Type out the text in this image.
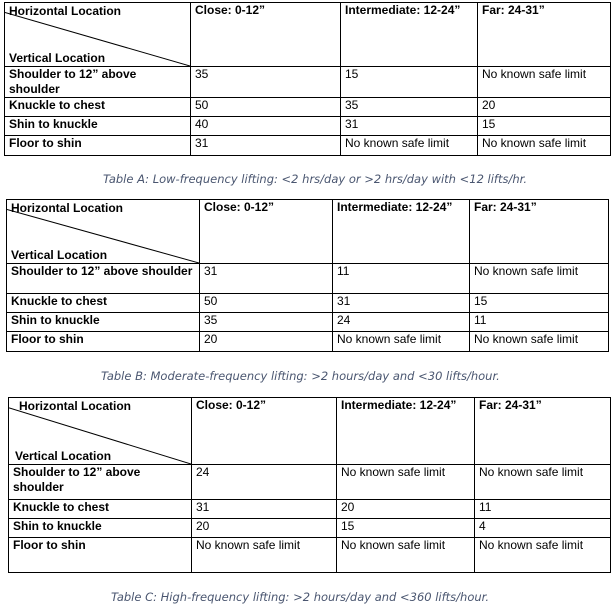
Horizontal Location
Vertical Location	Close: 0-12”	Intermediate: 12-24”	Far: 24-31”
Shoulder to 12” above shoulder	35	15	No known safe limit
Knuckle to chest	50	35	20
Shin to knuckle	40	31	15
Floor to shin	31	No known safe limit	No known safe limit
Table A: Low-frequency lifting: <2 hrs/day or >2 hrs/day with <12 lifts/hr.
Horizontal Location
Vertical Location	Close: 0-12”	Intermediate: 12-24”	Far: 24-31”
Shoulder to 12” above shoulder	31	11	No known safe limit
Knuckle to chest	50	31	15
Shin to knuckle	35	24	11
Floor to shin	20	No known safe limit	No known safe limit
Table B: Moderate-frequency lifting: >2 hours/day and <30 lifts/hour.
Horizontal Location
Vertical Location	Close: 0-12”	Intermediate: 12-24”	Far: 24-31”
Shoulder to 12” above shoulder	24	No known safe limit	No known safe limit
Knuckle to chest	31	20	11
Shin to knuckle	20	15	4
Floor to shin	No known safe limit	No known safe limit	No known safe limit
Table C: High-frequency lifting: >2 hours/day and <360 lifts/hour.
